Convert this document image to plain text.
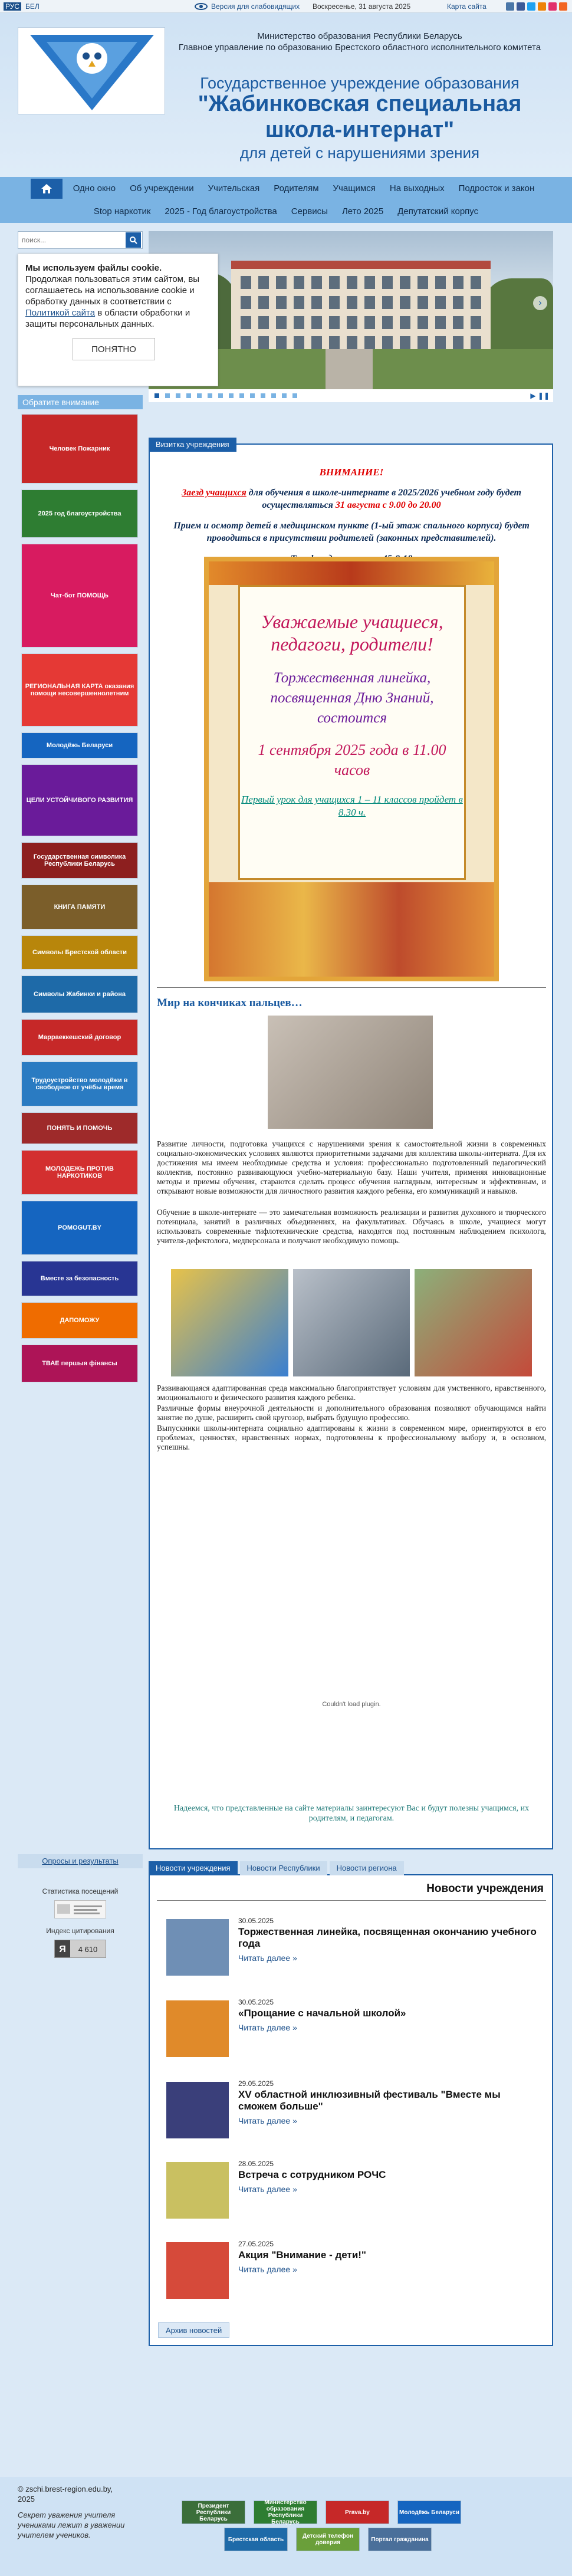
РУС БЕЛ	Версия для слабовидящих Воскресенье, 31 августа 2025	Карта сайта
Министерство образования Республики Беларусь
Главное управление по образованию Брестского областного исполнительного комитета
Государственное учреждение образования
"Жабинковская специальная школа-интернат"
для детей с нарушениями зрения
Одно окно	Об учреждении	Учительская	Родителям	Учащимся	На выходных	Подросток и закон
Stop наркотик	2025 - Год благоустройства	Сервисы	Лето 2025	Депутатский корпус
поиск...
Мы используем файлы cookie.
Продолжая пользоваться этим сайтом, вы соглашаетесь на использование cookie и обработку данных в соответствии с Политикой сайта в области обработки и защиты персональных данных.
ПОНЯТНО
Обратите внимание
Человек Пожарник
2025 год благоустройства
Чат-бот ПОМОЩЬ
РЕГИОНАЛЬНАЯ КАРТА оказания помощи несовершеннолетним
Молодёжь Беларуси
ЦЕЛИ УСТОЙЧИВОГО РАЗВИТИЯ
Государственная символика Республики Беларусь
КНИГА ПАМЯТИ
Символы Брестской области
Символы Жабинки и района
Марраеккешский договор
Трудоустройство молодёжи в свободное от учёбы время
ПОНЯТЬ И ПОМОЧЬ
МОЛОДЕЖЬ ПРОТИВ НАРКОТИКОВ
POMOGUT.BY
Вместе за безопасность
ДАПОМОЖУ
ТВАЕ першыя фінансы
Опросы и результаты
Статистика посещений
Индекс цитирования
Я	4 610
›
▶ ❚❚
Визитка учреждения

ВНИМАНИЕ!

Заезд учащихся для обучения в школе-интернате в 2025/2026 учебном году будет осуществляться 31 августа с 9.00 до 20.00

Прием и осмотр детей в медицинском пункте (1-ый этаж спального корпуса) будет проводиться в присутствии родителей (законных представителей).

Уважаемые учащиеся, педагоги, родители!
Торжественная линейка, посвященная Дню Знаний, состоится
1 сентября 2025 года в 11.00 часов
Первый урок для учащихся 1 – 11 классов пройдет в 8.30 ч.
Мир на кончиках пальцев…
Развитие личности, подготовка учащихся с нарушениями зрения к самостоятельной жизни в современных социально-экономических условиях являются приоритетными задачами для коллектива школы-интерната. Для их достижения мы имеем необходимые средства и условия: профессионально подготовленный педагогический коллектив, постоянно развивающуюся учебно-материальную базу. Наши учителя, применяя инновационные методы и приемы обучения, стараются сделать процесс обучения наглядным, интересным и эффективным, и открывают новые возможности для личностного развития каждого ребенка, его коммуникаций и навыков.
Обучение в школе-интернате — это замечательная возможность реализации и развития духовного и творческого потенциала, занятий в различных объединениях, на факультативах. Обучаясь в школе, учащиеся могут использовать современные тифлотехнические средства, находятся под постоянным наблюдением психолога, учителя-дефектолога, медперсонала и получают необходимую помощь.
Развивающаяся адаптированная среда максимально благоприятствует условиям для умственного, нравственного, эмоционального и физического развития каждого ребенка.
Различные формы внеурочной деятельности и дополнительного образования позволяют обучающимся найти занятие по душе, расширить свой кругозор, выбрать будущую профессию.
Выпускники школы-интерната социально адаптированы к жизни в современном мире, ориентируются в его проблемах, ценностях, нравственных нормах, подготовлены к профессиональному выбору и, в основном, успешны.
Couldn't load plugin.
Надеемся, что представленные на сайте материалы заинтересуют Вас и будут полезны учащимся, их родителям, и педагогам.
Новости учреждения	Новости Республики	Новости региона
Новости учреждения
30.05.2025
Торжественная линейка, посвященная окончанию учебного года
Читать далее »
30.05.2025
«Прощание с начальной школой»
Читать далее »
29.05.2025
XV областной инклюзивный фестиваль "Вместе мы сможем больше"
Читать далее »
28.05.2025
Встреча с сотрудником РОЧС
Читать далее »
27.05.2025
Акция "Внимание - дети!"
Читать далее »
Архив новостей
© zschi.brest-region.edu.by, 2025
Секрет уважения учителя учениками лежит в уважении учителем учеников.
Президент Республики Беларусь
Министерство образования Республики Беларусь
Prava.by	Молодёжь Беларуси
Брестская область	Детский телефон доверия	Портал гражданина
